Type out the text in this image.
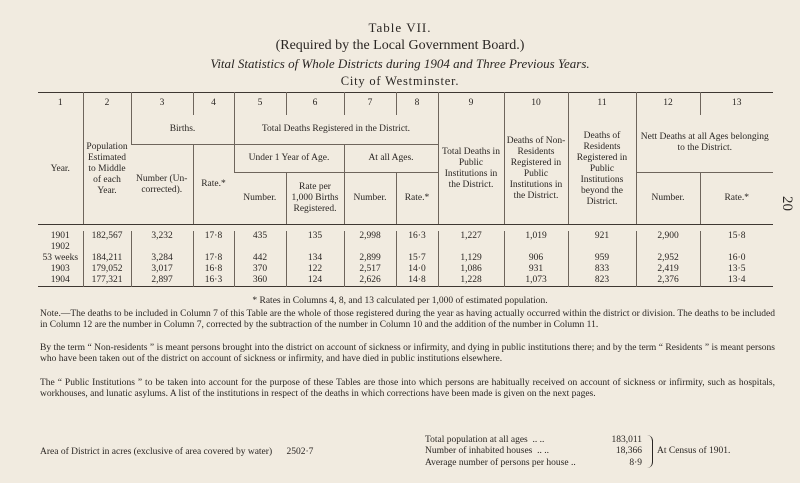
Table VII.
(Required by the Local Government Board.)
Vital Statistics of Whole Districts during 1904 and Three Previous Years.
City of Westminster.
20
1	2	3	4	5	6	7	8	9	10	11	12	13
Year.	Population Estimated to Middle of each Year.	Births.		Total Deaths Registered in the District.				Total Deaths in Public Institutions in the District.	Deaths of Non-Residents Registered in Public Institutions in the District.	Deaths of Residents Registered in Public Institutions beyond the District.	Nett Deaths at all Ages belonging to the District.	
		Number (Un-corrected).	Rate.*	Under 1 Year of Age.		At all Ages.						
				Number.	Rate per 1,000 Births Registered.	Number.	Rate.*				Number.	Rate.*

1901	182,567	3,232	17·8	435	135	2,998	16·3	1,227	1,019	921	2,900	15·8
1902												
53 weeks	184,211	3,284	17·8	442	134	2,899	15·7	1,129	906	959	2,952	16·0
1903	179,052	3,017	16·8	370	122	2,517	14·0	1,086	931	833	2,419	13·5
1904	177,321	2,897	16·3	360	124	2,626	14·8	1,228	1,073	823	2,376	13·4
* Rates in Columns 4, 8, and 13 calculated per 1,000 of estimated population.
Note.—The deaths to be included in Column 7 of this Table are the whole of those registered during the year as having actually occurred within the district or division. The deaths to be included in Column 12 are the number in Column 7, corrected by the subtraction of the number in Column 10 and the addition of the number in Column 11.
By the term “ Non-residents ” is meant persons brought into the district on account of sickness or infirmity, and dying in public institutions there; and by the term “ Residents ” is meant persons who have been taken out of the district on account of sickness or infirmity, and have died in public institutions elsewhere.
The “ Public Institutions ” to be taken into account for the purpose of these Tables are those into which persons are habitually received on account of sickness or infirmity, such as hospitals, workhouses, and lunatic asylums. A list of the institutions in respect of the deaths in which corrections have been made is given on the next pages.
Area of District in acres (exclusive of area covered by water) 2502·7
Total population at all ages .. ..	183,011
Number of inhabited houses .. ..	18,366
Average number of persons per house ..	8·9
At Census of 1901.
